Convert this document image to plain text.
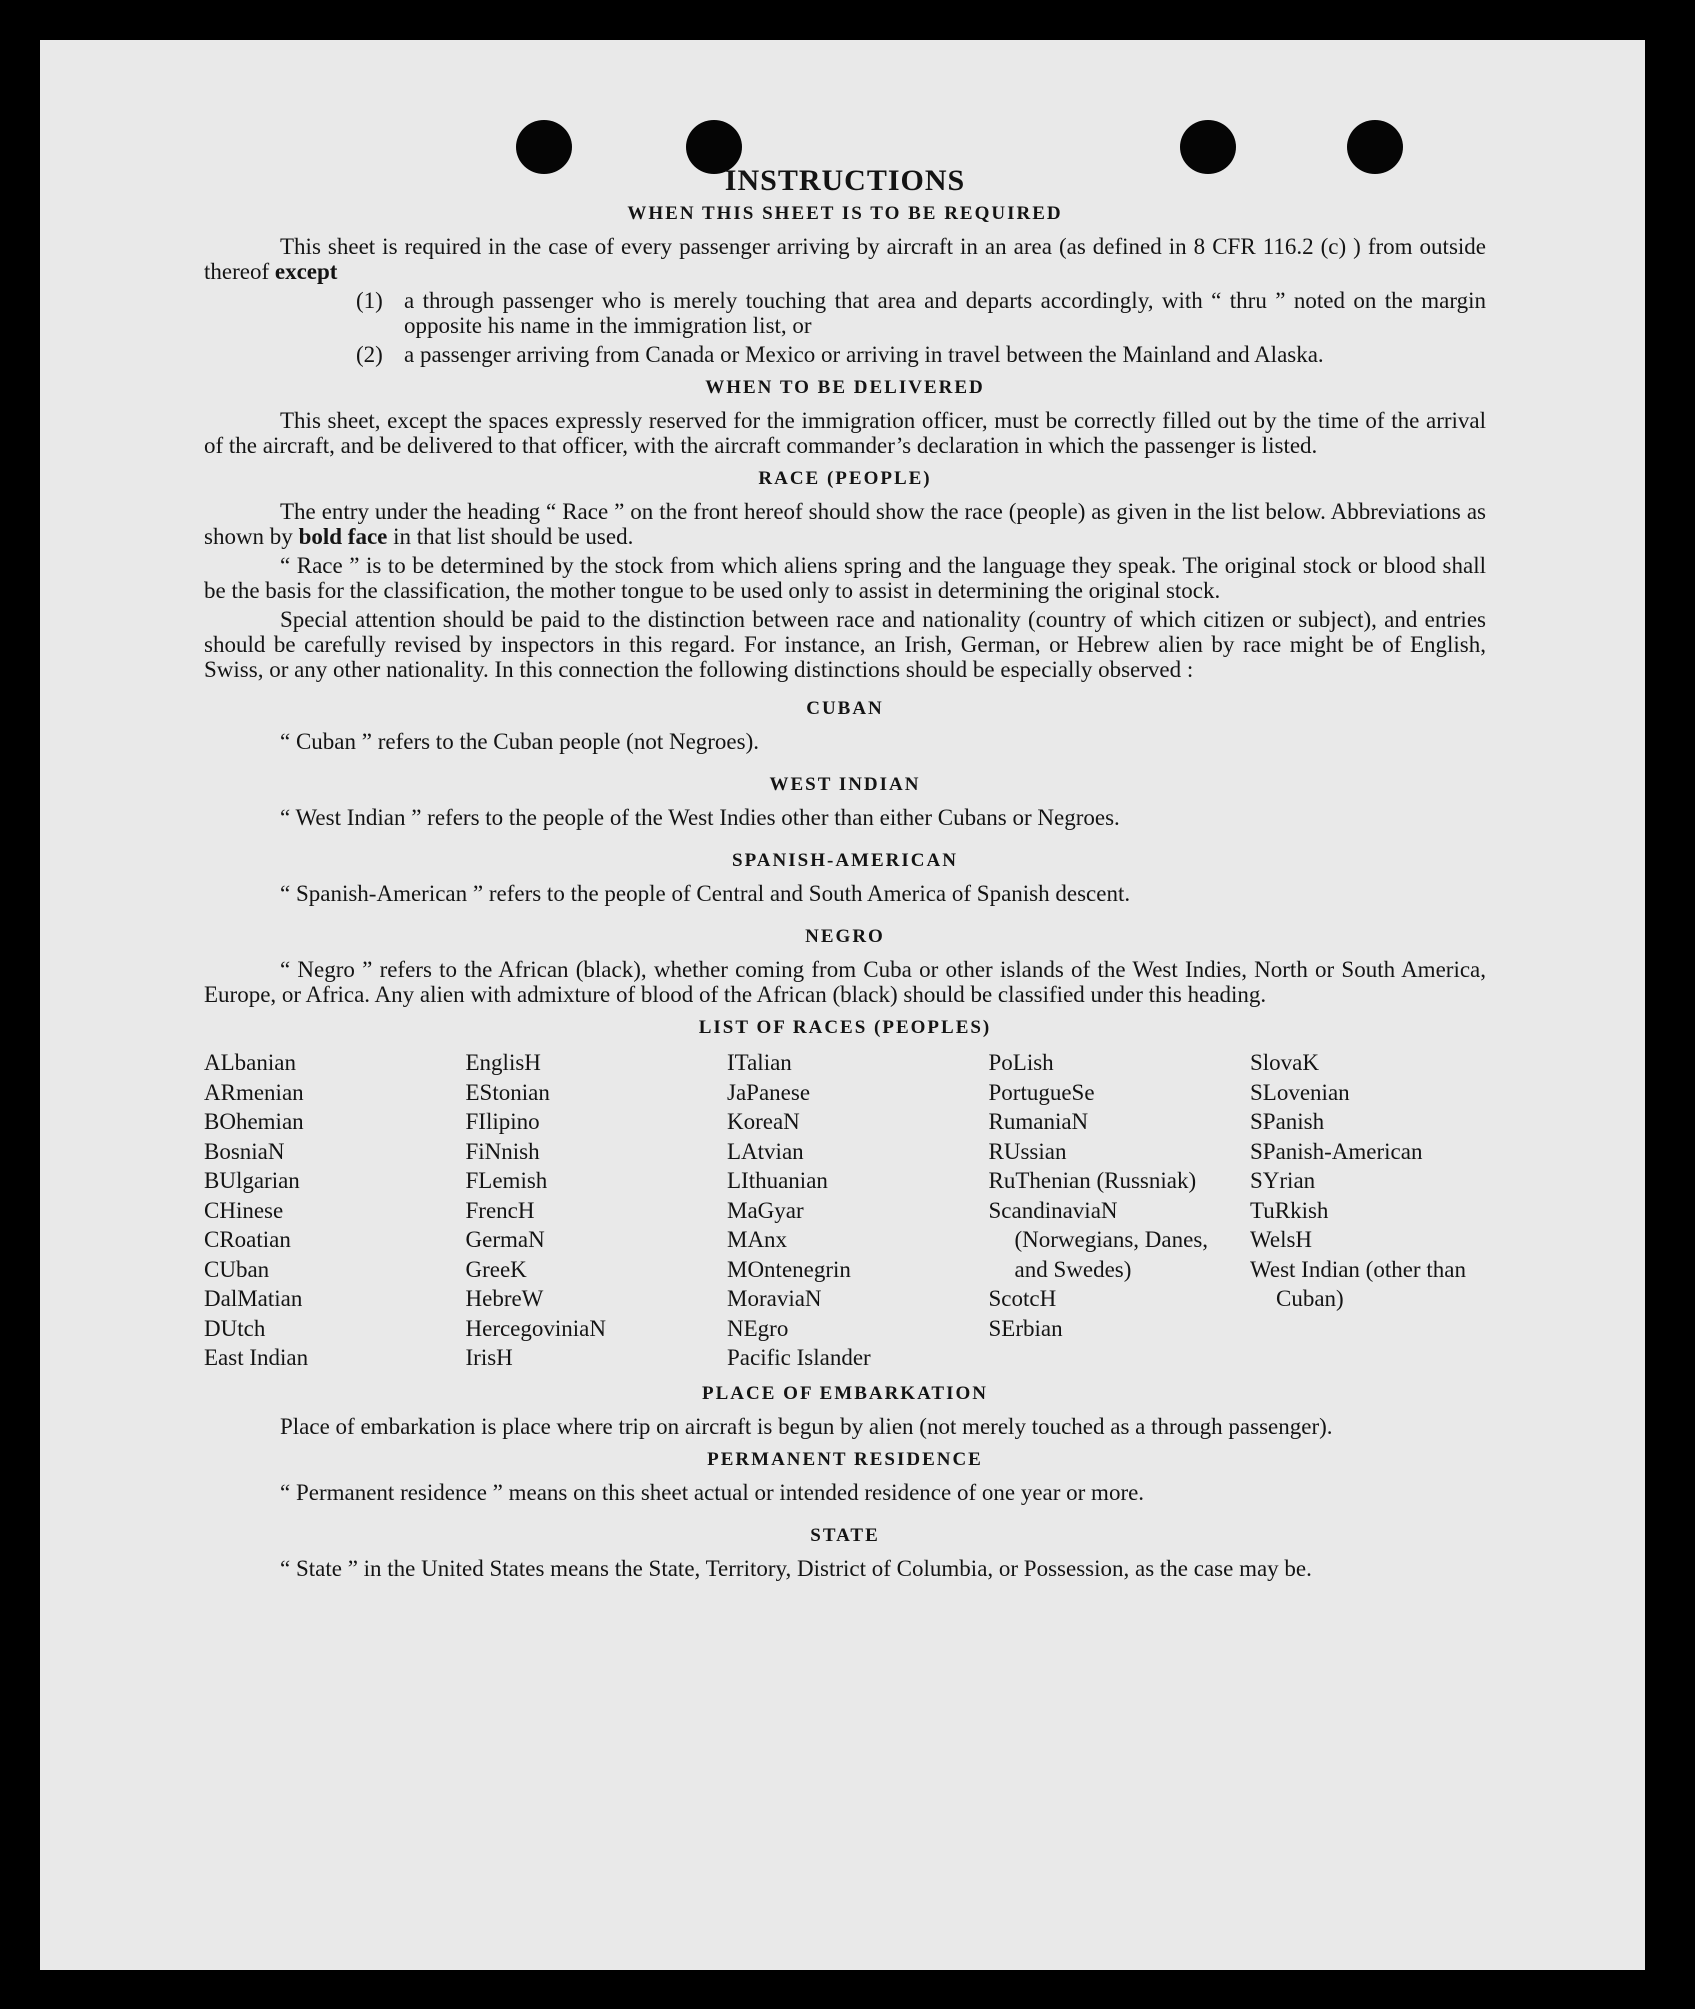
INSTRUCTIONS
WHEN THIS SHEET IS TO BE REQUIRED
This sheet is required in the case of every passenger arriving by aircraft in an area (as defined in 8 CFR 116.2 (c) ) from outside thereof except
(1) a through passenger who is merely touching that area and departs accordingly, with “ thru ” noted on the margin opposite his name in the immigration list, or
(2) a passenger arriving from Canada or Mexico or arriving in travel between the Mainland and Alaska.
WHEN TO BE DELIVERED
This sheet, except the spaces expressly reserved for the immigration officer, must be correctly filled out by the time of the arrival of the aircraft, and be delivered to that officer, with the aircraft commander’s declaration in which the passenger is listed.
RACE (PEOPLE)
The entry under the heading “ Race ” on the front hereof should show the race (people) as given in the list below. Abbreviations as shown by bold face in that list should be used.
“ Race ” is to be determined by the stock from which aliens spring and the language they speak. The original stock or blood shall be the basis for the classification, the mother tongue to be used only to assist in determining the original stock.
Special attention should be paid to the distinction between race and nationality (country of which citizen or subject), and entries should be carefully revised by inspectors in this regard. For instance, an Irish, German, or Hebrew alien by race might be of English, Swiss, or any other nationality. In this connection the following distinctions should be especially observed :
CUBAN
“ Cuban ” refers to the Cuban people (not Negroes).
WEST INDIAN
“ West Indian ” refers to the people of the West Indies other than either Cubans or Negroes.
SPANISH-AMERICAN
“ Spanish-American ” refers to the people of Central and South America of Spanish descent.
NEGRO
“ Negro ” refers to the African (black), whether coming from Cuba or other islands of the West Indies, North or South America, Europe, or Africa. Any alien with admixture of blood of the African (black) should be classified under this heading.
LIST OF RACES (PEOPLES)
ALbanian
ARmenian
BOhemian
BosniaN
BUlgarian
CHinese
CRoatian
CUban
DalMatian
DUtch
East Indian
EnglisH
EStonian
FIlipino
FiNnish
FLemish
FrencH
GermaN
GreeK
HebreW
HercegoviniaN
IrisH
ITalian
JaPanese
KoreaN
LAtvian
LIthuanian
MaGyar
MAnx
MOntenegrin
MoraviaN
NEgro
Pacific Islander
PoLish
PortugueSe
RumaniaN
RUssian
RuThenian (Russniak)
ScandinaviaN (Norwegians, Danes, and Swedes)
ScotcH
SErbian
SlovaK
SLovenian
SPanish
SPanish-American
SYrian
TuRkish
WelsH
West Indian (other than Cuban)
PLACE OF EMBARKATION
Place of embarkation is place where trip on aircraft is begun by alien (not merely touched as a through passenger).
PERMANENT RESIDENCE
“ Permanent residence ” means on this sheet actual or intended residence of one year or more.
STATE
“ State ” in the United States means the State, Territory, District of Columbia, or Possession, as the case may be.
